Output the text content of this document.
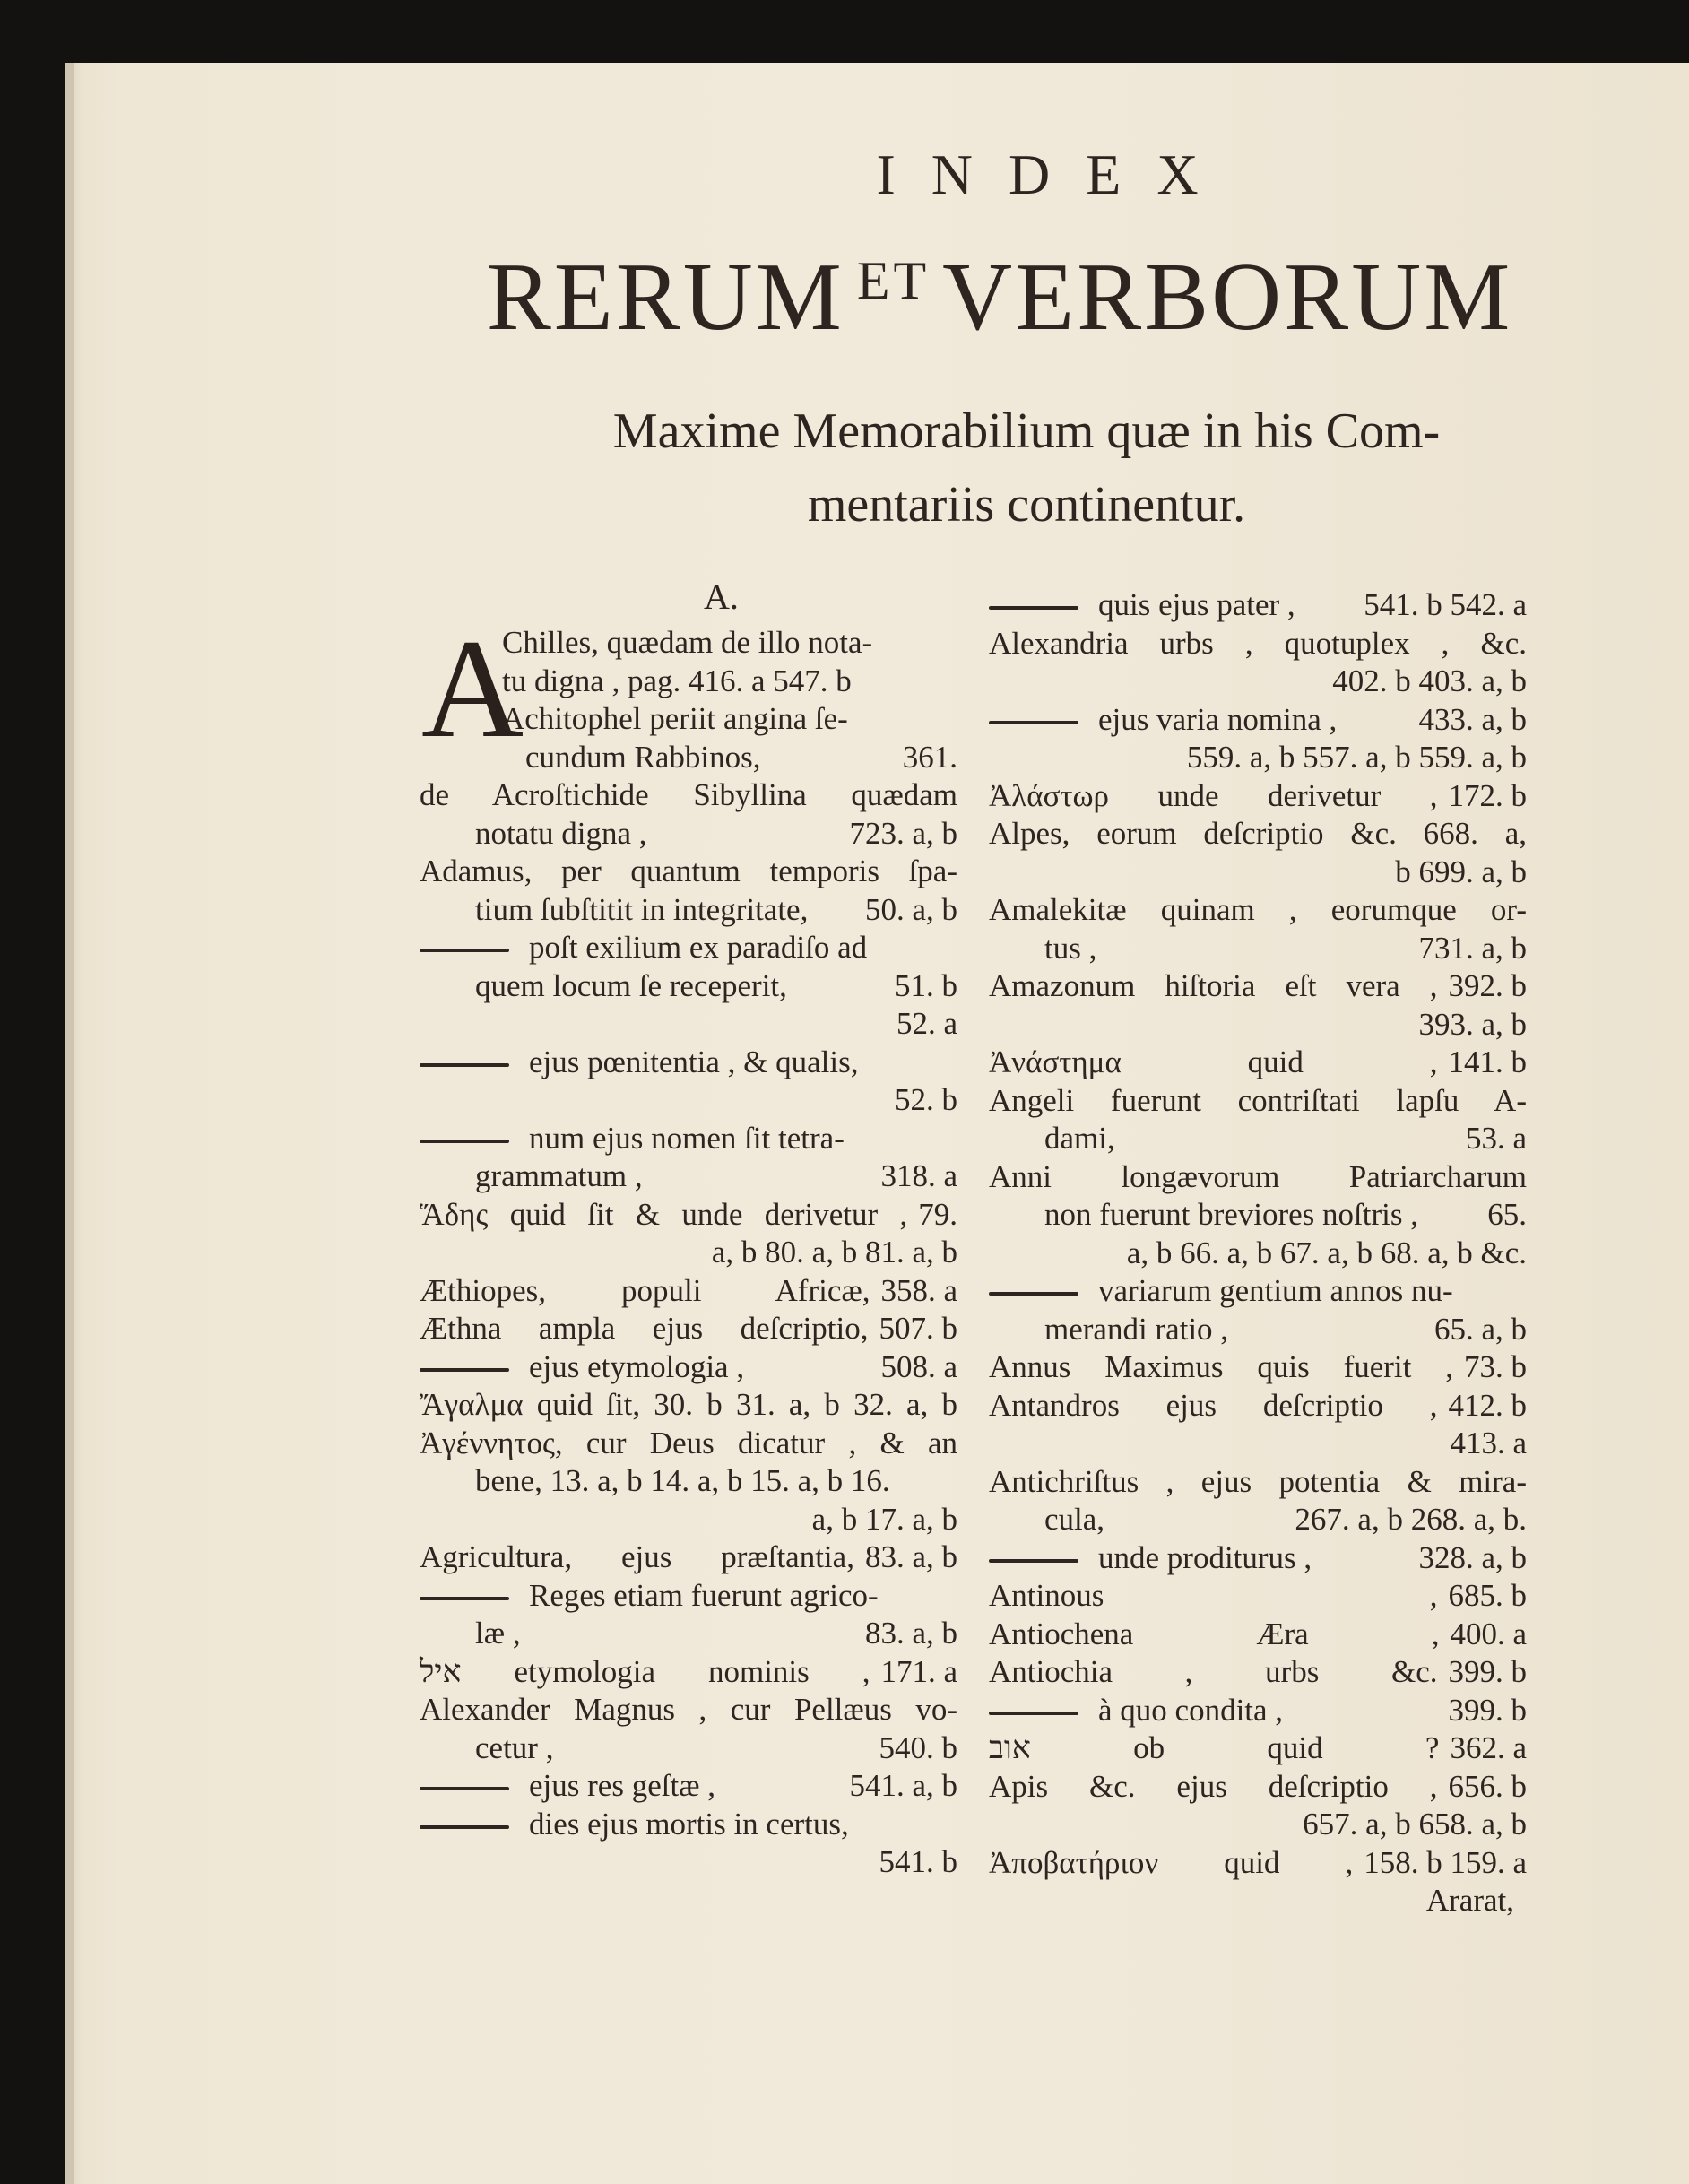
INDEX
RERUM $^{ET}$ VERBORUM
Maxime Memorabilium quæ in his Com-
mentariis continentur.
A.
A
Chilles, quædam de illo nota-
tu digna , pag. 416. a 547. b
Achitophel periit angina ſe-
cundum Rabbinos,	361.
de Acroſtichide Sibyllina quædam
notatu digna ,	723. a, b
Adamus, per quantum temporis ſpa-
tium ſubſtitit in integritate,	50. a, b
poſt exilium ex paradiſo ad
quem locum ſe receperit,	51. b
52. a
ejus pœnitentia , & qualis,
52. b
num ejus nomen ſit tetra-
grammatum ,	318. a
Ἅδης quid ſit & unde derivetur , 79.
a, b 80. a, b 81. a, b
Æthiopes, populi Africæ, 358. a
Æthna ampla ejus deſcriptio, 507. b
ejus etymologia ,	508. a
Ἄγαλμα quid ſit, 30. b 31. a, b 32. a, b
Ἀγέννητος, cur Deus dicatur , & an
bene, 13. a, b 14. a, b 15. a, b 16.
a, b 17. a, b
Agricultura, ejus præſtantia, 83. a, b
Reges etiam fuerunt agrico-
læ ,	83. a, b
איל etymologia nominis , 171. a
Alexander Magnus , cur Pellæus vo-
cetur ,	540. b
ejus res geſtæ ,	541. a, b
dies ejus mortis in certus,
541. b
quis ejus pater ,	541. b 542. a
Alexandria urbs , quotuplex , &c.
402. b 403. a, b
ejus varia nomina ,	433. a, b
559. a, b 557. a, b 559. a, b
Ἀλάστωρ unde derivetur , 172. b
Alpes, eorum deſcriptio &c. 668. a,
b 699. a, b
Amalekitæ quinam , eorumque or-
tus ,	731. a, b
Amazonum hiſtoria eſt vera , 392. b
393. a, b
Ἀνάστημα quid , 141. b
Angeli fuerunt contriſtati lapſu A-
dami,	53. a
Anni longævorum Patriarcharum
non fuerunt breviores noſtris ,	65.
a, b 66. a, b 67. a, b 68. a, b &c.
variarum gentium annos nu-
merandi ratio ,	65. a, b
Annus Maximus quis fuerit , 73. b
Antandros ejus deſcriptio , 412. b
413. a
Antichriſtus , ejus potentia & mira-
cula,	267. a, b 268. a, b.
unde proditurus ,	328. a, b
Antinous , 685. b
Antiochena Æra , 400. a
Antiochia , urbs &c. 399. b
à quo condita ,	399. b
אוב ob quid ? 362. a
Apis &c. ejus deſcriptio , 656. b
657. a, b 658. a, b
Ἀποβατήριον quid , 158. b 159. a
Ararat,
